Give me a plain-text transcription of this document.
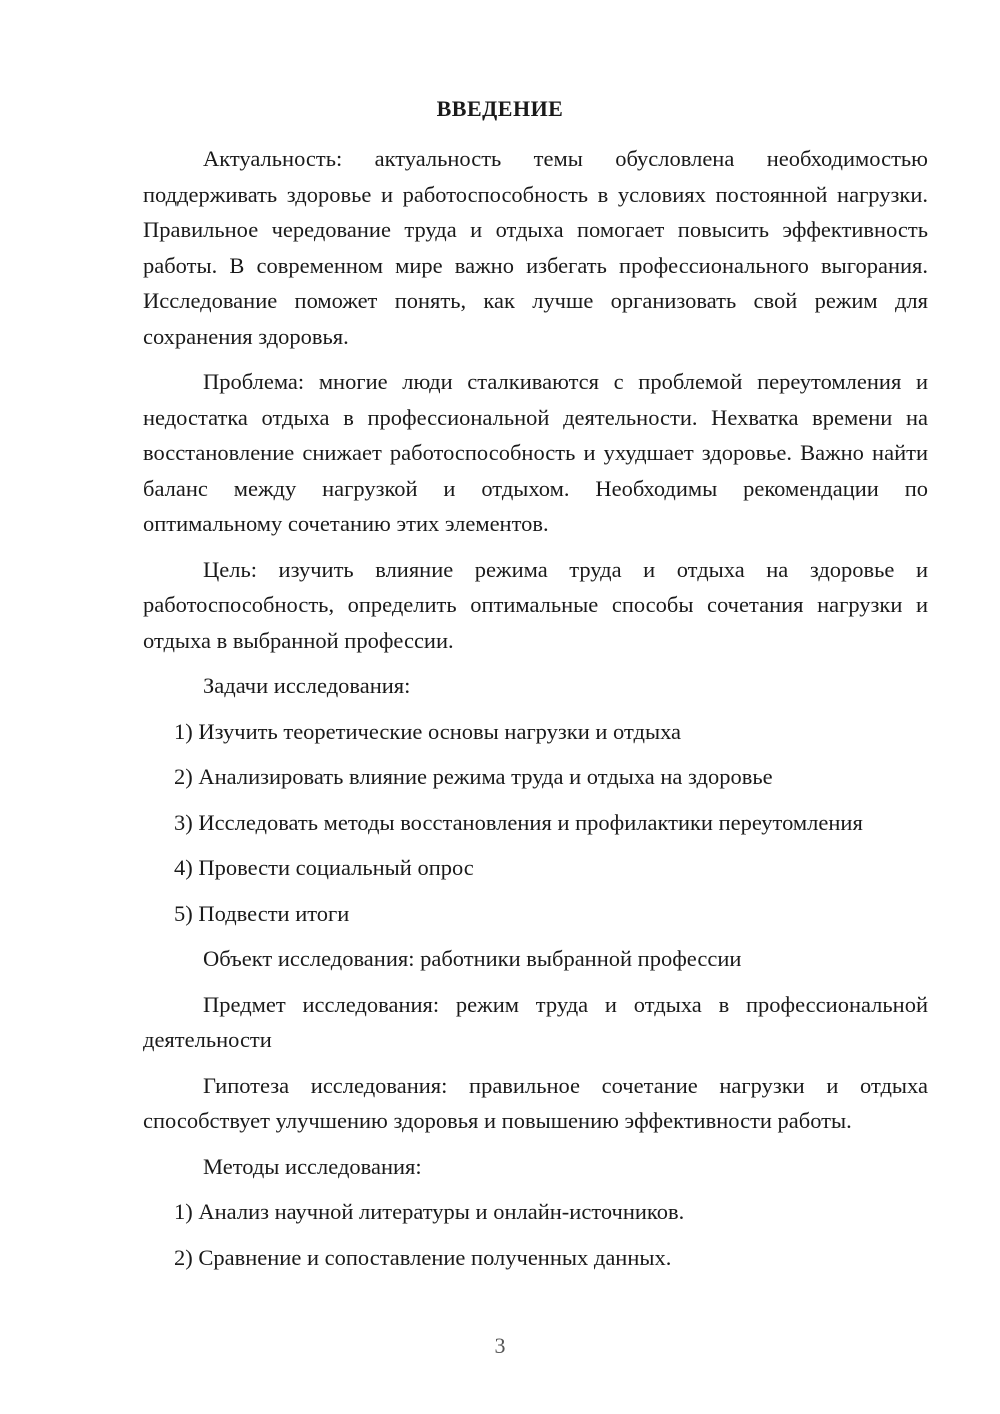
ВВЕДЕНИЕ

Актуальность: актуальность темы обусловлена необходимостью поддерживать здоровье и работоспособность в условиях постоянной нагрузки. Правильное чередование труда и отдыха помогает повысить эффективность работы. В современном мире важно избегать профессионального выгорания. Исследование поможет понять, как лучше организовать свой режим для сохранения здоровья.

Проблема: многие люди сталкиваются с проблемой переутомления и недостатка отдыха в профессиональной деятельности. Нехватка времени на восстановление снижает работоспособность и ухудшает здоровье. Важно найти баланс между нагрузкой и отдыхом. Необходимы рекомендации по оптимальному сочетанию этих элементов.

Цель: изучить влияние режима труда и отдыха на здоровье и работоспособность, определить оптимальные способы сочетания нагрузки и отдыха в выбранной профессии.

Задачи исследования:

1) Изучить теоретические основы нагрузки и отдыха

2) Анализировать влияние режима труда и отдыха на здоровье

3) Исследовать методы восстановления и профилактики переутомления

4) Провести социальный опрос

5) Подвести итоги

Объект исследования: работники выбранной профессии

Предмет исследования: режим труда и отдыха в профессиональной деятельности

Гипотеза исследования: правильное сочетание нагрузки и отдыха способствует улучшению здоровья и повышению эффективности работы.

Методы исследования:

1) Анализ научной литературы и онлайн-источников.

2) Сравнение и сопоставление полученных данных.

3
